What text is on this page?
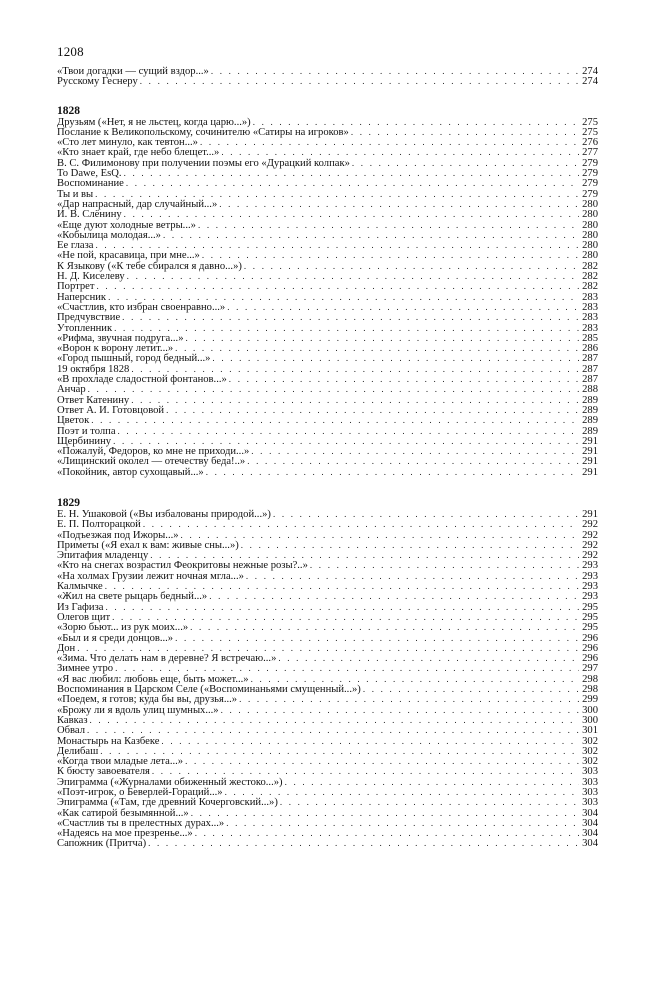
1208
«Твои догадки — сущий вздор...» . . .	274
Русскому Геснеру . . .	274
1828
Друзьям («Нет, я не льстец, когда царю...») . . .	275
Послание к Великопольскому, сочинителю «Сатиры на игроков» . . .	275
«Сто лет минуло, как тевтон...» . . .	276
«Кто знает край, где небо блещет...» . . .	277
В. С. Филимонову при получении поэмы его «Дурацкий колпак» . . .	279
To Dawe, EsQ. . . .	279
Воспоминание . . .	279
Ты и вы . . .	279
«Дар напрасный, дар случайный...» . . .	280
И. В. Слёнину . . .	280
«Еще дуют холодные ветры...» . . .	280
«Кобылица молодая...» . . .	280
Ее глаза . . .	280
«Не пой, красавица, при мне...» . . .	280
К Языкову («К тебе сбирался я давно...») . . .	282
Н. Д. Киселеву . . .	282
Портрет . . .	282
Наперсник . . .	283
«Счастлив, кто избран своенравно...» . . .	283
Предчувствие . . .	283
Утопленник . . .	283
«Рифма, звучная подруга...» . . .	285
«Ворон к ворону летит...» . . .	286
«Город пышный, город бедный...» . . .	287
19 октября 1828 . . .	287
«В прохладе сладостной фонтанов...» . . .	287
Анчар . . .	288
Ответ Катенину . . .	289
Ответ А. И. Готовцовой . . .	289
Цветок . . .	289
Поэт и толпа . . .	289
Щербинину . . .	291
«Пожалуй, Федоров, ко мне не приходи...» . . .	291
«Лищинский околел — отечеству беда!..» . . .	291
«Покойник, автор сухощавый...» . . .	291
1829
Е. Н. Ушаковой («Вы избалованы природой...») . . .	291
Е. П. Полторацкой . . .	292
«Подъезжая под Ижоры...» . . .	292
Приметы («Я ехал к вам: живые сны...») . . .	292
Эпитафия младенцу . . .	292
«Кто на снегах возрастил Феокритовы нежные розы?..» . . .	293
«На холмах Грузии лежит ночная мгла...» . . .	293
Калмычке . . .	293
«Жил на свете рыцарь бедный...» . . .	293
Из Гафиза . . .	295
Олегов щит . . .	295
«Зорю бьют... из рук моих...» . . .	295
«Был и я среди донцов...» . . .	296
Дон . . .	296
«Зима. Что делать нам в деревне? Я встречаю...» . . .	296
Зимнее утро . . .	297
«Я вас любил: любовь еще, быть может...» . . .	298
Воспоминания в Царском Селе («Воспоминаньями смущенный...») . . .	298
«Поедем, я готов; куда бы вы, друзья...» . . .	299
«Брожу ли я вдоль улиц шумных...» . . .	300
Кавказ . . .	300
Обвал . . .	301
Монастырь на Казбеке . . .	302
Делибаш . . .	302
«Когда твои младые лета...» . . .	302
К бюсту завоевателя . . .	303
Эпиграмма («Журналами обиженный жестоко...») . . .	303
«Поэт-игрок, о Беверлей-Гораций...» . . .	303
Эпиграмма («Там, где древний Кочерговский...») . . .	303
«Как сатирой безымянной...» . . .	304
«Счастлив ты в прелестных дурах...» . . .	304
«Надеясь на мое презренье...» . . .	304
Сапожник (Притча) . . .	304
